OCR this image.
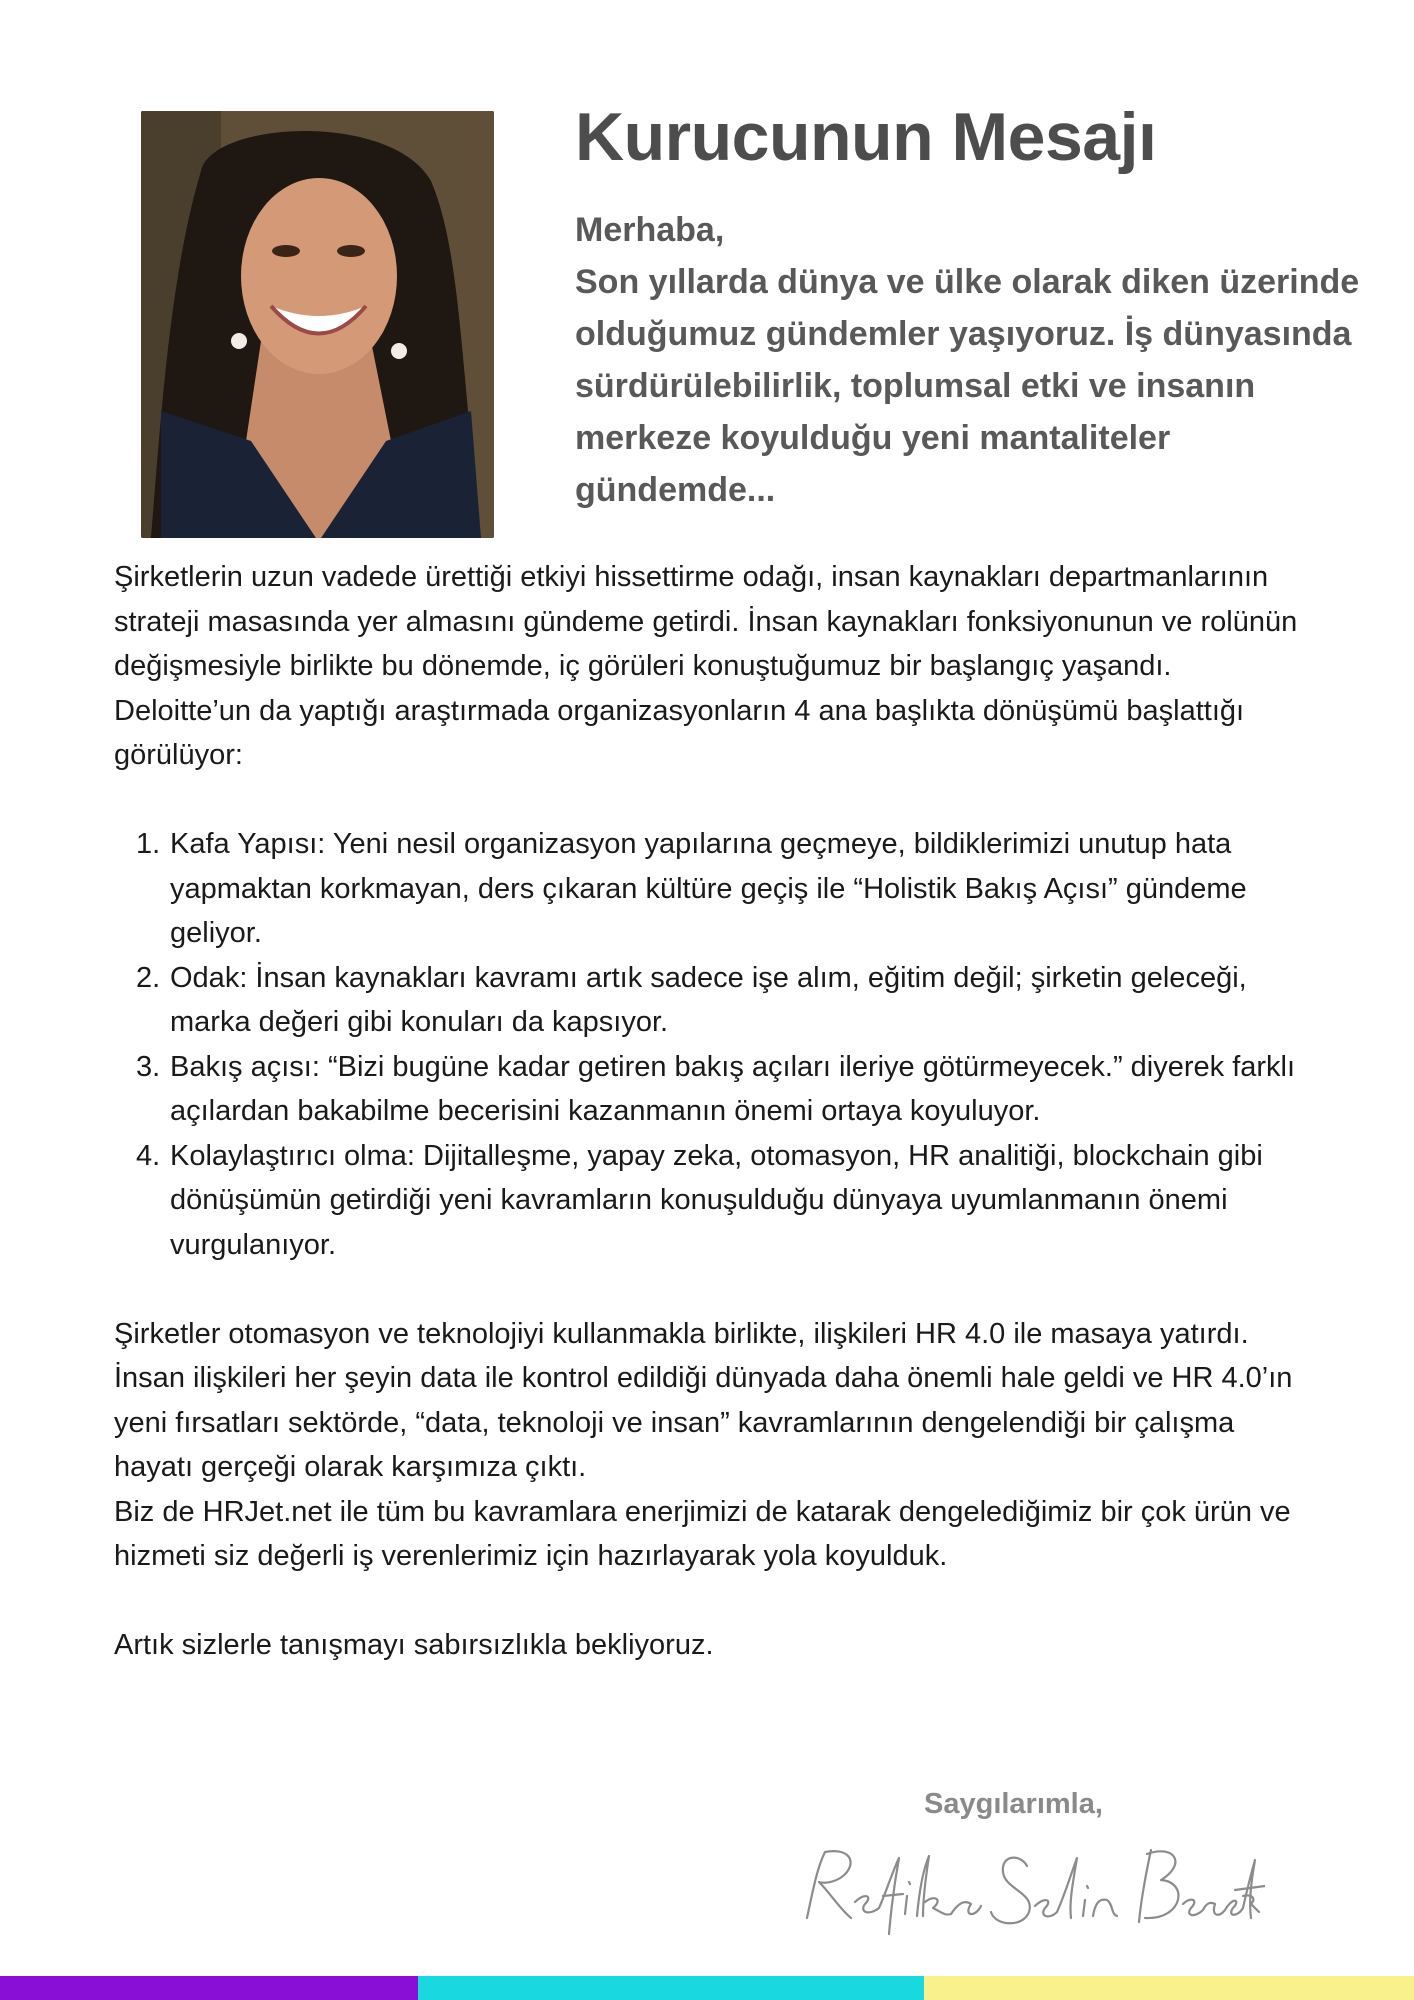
Kurucunun Mesajı

Merhaba,

Son yıllarda dünya ve ülke olarak diken üzerinde olduğumuz gündemler yaşıyoruz. İş dünyasında sürdürülebilirlik, toplumsal etki ve insanın merkeze koyulduğu yeni mantaliteler gündemde...

Şirketlerin uzun vadede ürettiği etkiyi hissettirme odağı, insan kaynakları departmanlarının strateji masasında yer almasını gündeme getirdi. İnsan kaynakları fonksiyonunun ve rolünün değişmesiyle birlikte bu dönemde, iç görüleri konuştuğumuz bir başlangıç yaşandı.

Deloitte’un da yaptığı araştırmada organizasyonların 4 ana başlıkta dönüşümü başlattığı görülüyor:

1. Kafa Yapısı: Yeni nesil organizasyon yapılarına geçmeye, bildiklerimizi unutup hata yapmaktan korkmayan, ders çıkaran kültüre geçiş ile “Holistik Bakış Açısı” gündeme geliyor.
2. Odak: İnsan kaynakları kavramı artık sadece işe alım, eğitim değil; şirketin geleceği, marka değeri gibi konuları da kapsıyor.
3. Bakış açısı: “Bizi bugüne kadar getiren bakış açıları ileriye götürmeyecek.” diyerek farklı açılardan bakabilme becerisini kazanmanın önemi ortaya koyuluyor.
4. Kolaylaştırıcı olma: Dijitalleşme, yapay zeka, otomasyon, HR analitiği, blockchain gibi dönüşümün getirdiği yeni kavramların konuşulduğu dünyaya uyumlanmanın önemi vurgulanıyor.

Şirketler otomasyon ve teknolojiyi kullanmakla birlikte, ilişkileri HR 4.0 ile masaya yatırdı. İnsan ilişkileri her şeyin data ile kontrol edildiği dünyada daha önemli hale geldi ve HR 4.0’ın yeni fırsatları sektörde, “data, teknoloji ve insan” kavramlarının dengelendiği bir çalışma hayatı gerçeği olarak karşımıza çıktı.

Biz de HRJet.net ile tüm bu kavramlara enerjimizi de katarak dengelediğimiz bir çok ürün ve hizmeti siz değerli iş verenlerimiz için hazırlayarak yola koyulduk.

Artık sizlerle tanışmayı sabırsızlıkla bekliyoruz.

Saygılarımla,
